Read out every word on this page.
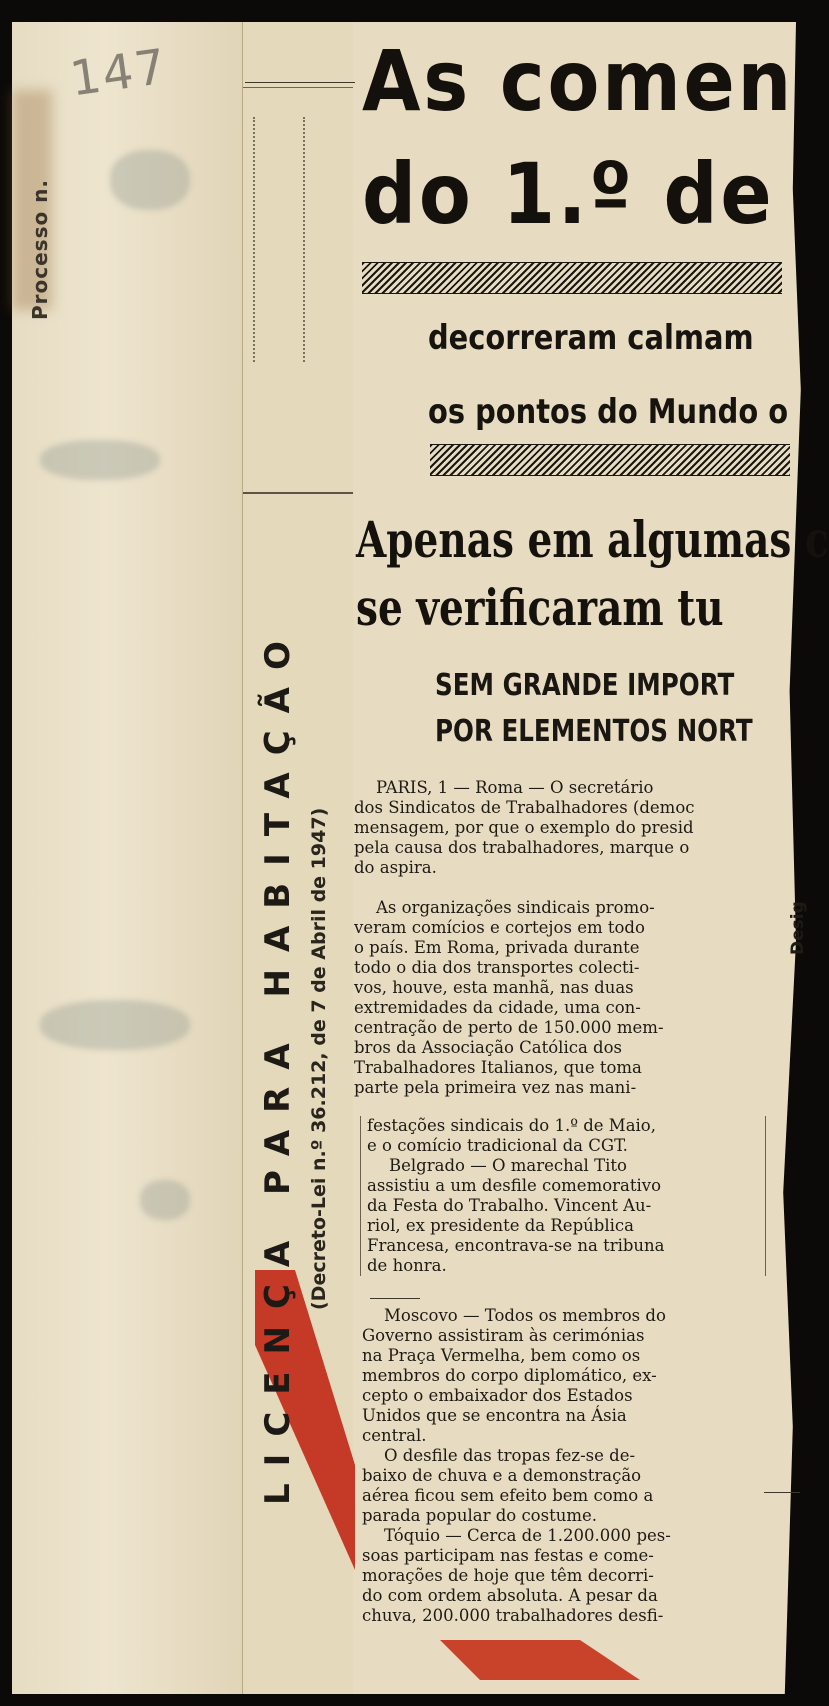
147
Processo n.
LICENÇA PARA HABITAÇÃO (Decreto-Lei n.º 36.212, de 7 de Abril de 1947)
As comen
do 1.º de
decorreram calmam
os pontos do Mundo o
Apenas em algumas c
se verificaram tu
SEM GRANDE IMPORT
POR ELEMENTOS NORT

PARIS, 1 — Roma — O secretário

dos Sindicatos de Trabalhadores (democ

mensagem, por que o exemplo do presid

pela causa dos trabalhadores, marque o

do aspira.

As organizações sindicais promo-

veram comícios e cortejos em todo

o país. Em Roma, privada durante

todo o dia dos transportes colecti-

vos, houve, esta manhã, nas duas

extremidades da cidade, uma con-

centração de perto de 150.000 mem-

bros da Associação Católica dos

Trabalhadores Italianos, que toma

parte pela primeira vez nas mani-

festações sindicais do 1.º de Maio,

e o comício tradicional da CGT.

Belgrado — O marechal Tito

assistiu a um desfile comemorativo

da Festa do Trabalho. Vincent Au-

riol, ex presidente da República

Francesa, encontrava-se na tribuna

de honra.

Moscovo — Todos os membros do

Governo assistiram às cerimónias

na Praça Vermelha, bem como os

membros do corpo diplomático, ex-

cepto o embaixador dos Estados

Unidos que se encontra na Ásia

central.

O desfile das tropas fez-se de-

baixo de chuva e a demonstração

aérea ficou sem efeito bem como a

parada popular do costume.

Tóquio — Cerca de 1.200.000 pes-

soas participam nas festas e come-

morações de hoje que têm decorri-

do com ordem absoluta. A pesar da

chuva, 200.000 trabalhadores desfi-

Desig
